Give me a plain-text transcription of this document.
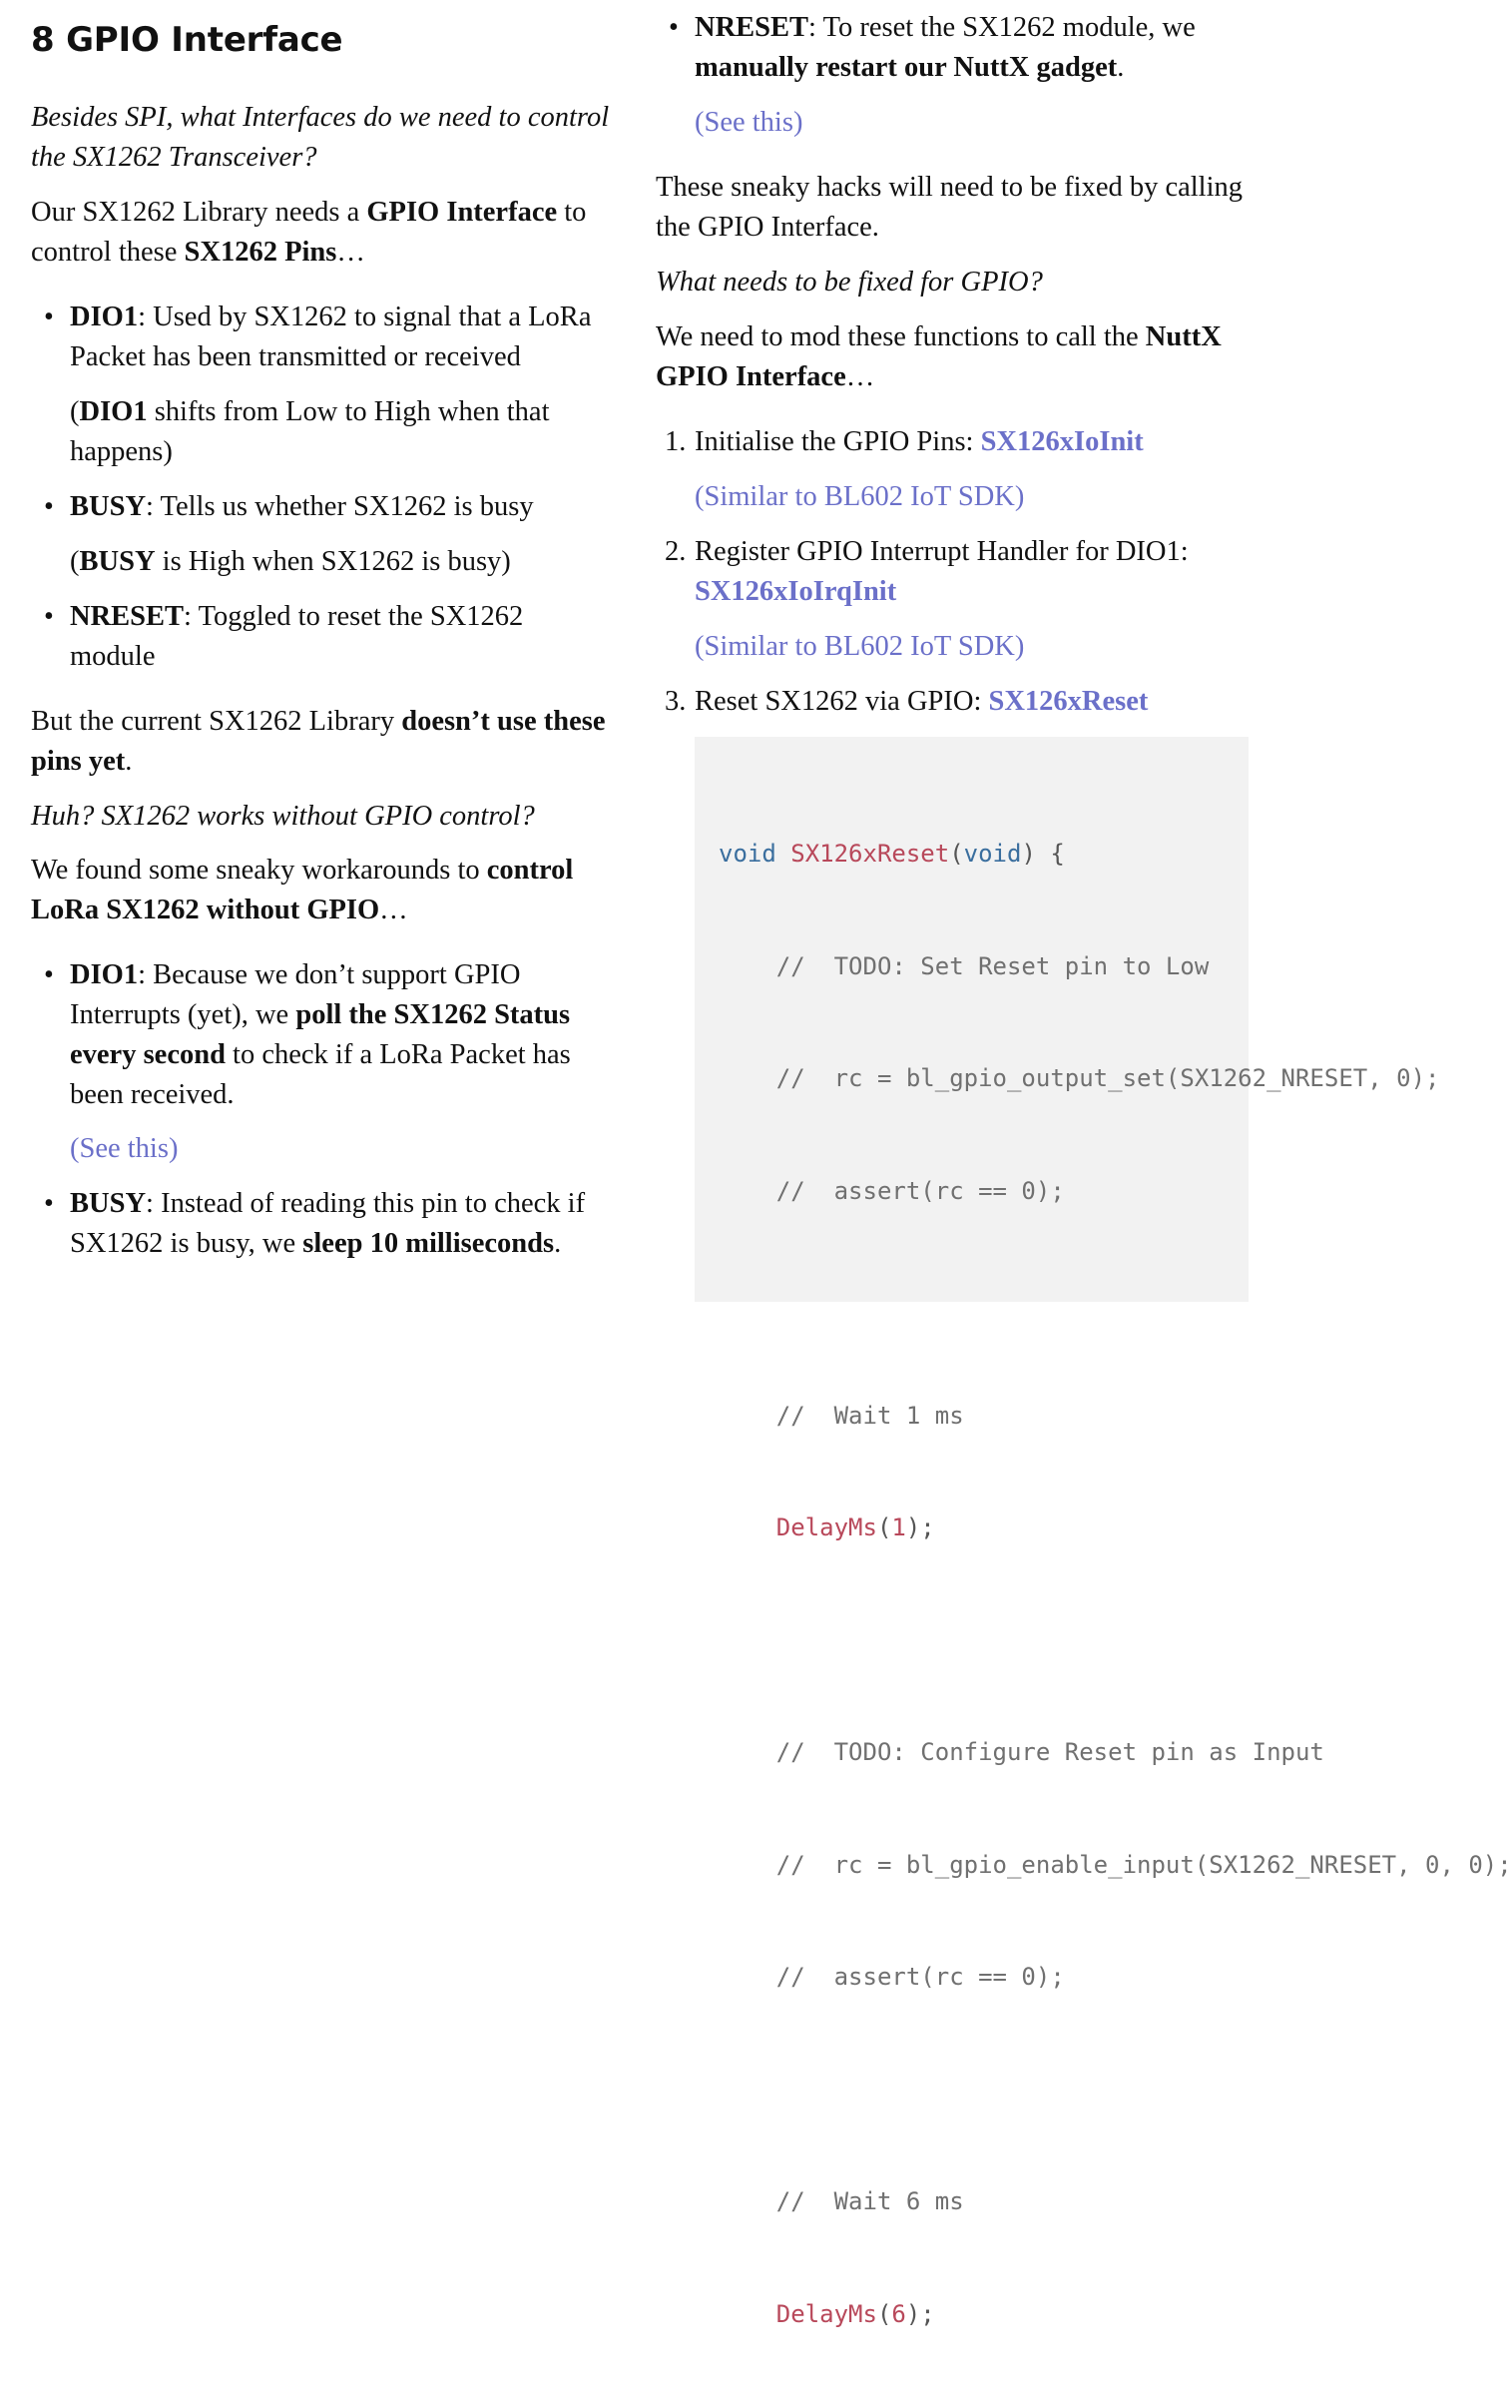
8 GPIO Interface

Besides SPI, what Interfaces do we need to control the SX1262 Transceiver?

Our SX1262 Library needs a GPIO Interface to control these SX1262 Pins…

• DIO1: Used by SX1262 to signal that a LoRa Packet has been transmitted or received

(DIO1 shifts from Low to High when that happens)

• BUSY: Tells us whether SX1262 is busy

(BUSY is High when SX1262 is busy)

• NRESET: Toggled to reset the SX1262 module

But the current SX1262 Library doesn’t use these pins yet.

Huh? SX1262 works without GPIO control?

We found some sneaky workarounds to control LoRa SX1262 without GPIO…

• DIO1: Because we don’t support GPIO Interrupts (yet), we poll the SX1262 Status every second to check if a LoRa Packet has been received.

(See this)
• BUSY: Instead of reading this pin to check if SX1262 is busy, we sleep 10 milliseconds.

• NRESET: To reset the SX1262 module, we manually restart our NuttX gadget.

(See this)

These sneaky hacks will need to be fixed by calling the GPIO Interface.

What needs to be fixed for GPIO?

We need to mod these functions to call the NuttX GPIO Interface…

1. Initialise the GPIO Pins: SX126xIoInit

(Similar to BL602 IoT SDK)
2. Register GPIO Interrupt Handler for DIO1: SX126xIoIrqInit

(Similar to BL602 IoT SDK)
3. Reset SX1262 via GPIO: SX126xReset

void SX126xReset(void) {

//  TODO: Set Reset pin to Low

//  rc = bl_gpio_output_set(SX1262_NRESET, 0);

//  assert(rc == 0);

//  Wait 1 ms

DelayMs(1);

//  TODO: Configure Reset pin as Input

//  rc = bl_gpio_enable_input(SX1262_NRESET, 0, 0);

//  assert(rc == 0);

//  Wait 6 ms

DelayMs(6);
